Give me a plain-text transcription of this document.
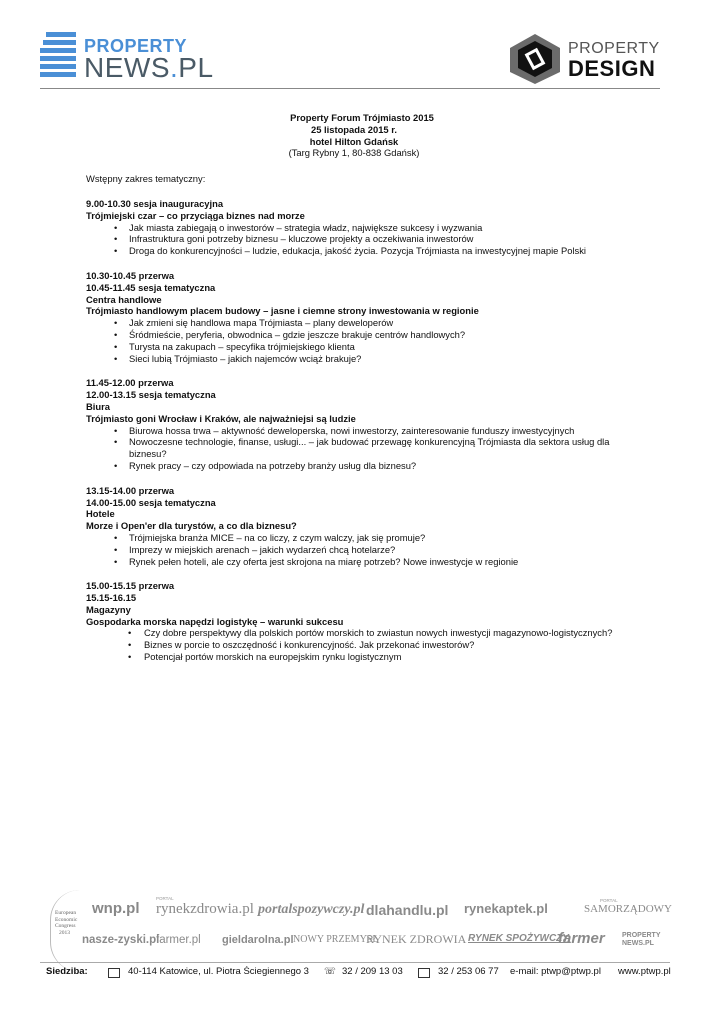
PROPERTY
NEWS.PL
PROPERTY
DESIGN
Property Forum Trójmiasto 2015
25 listopada 2015 r.
hotel Hilton Gdańsk
(Targ Rybny 1, 80-838 Gdańsk)
Wstępny zakres tematyczny:
9.00-10.30 sesja inauguracyjna
Trójmiejski czar – co przyciąga biznes nad morze
• Jak miasta zabiegają o inwestorów – strategia władz, największe sukcesy i wyzwania
• Infrastruktura goni potrzeby biznesu – kluczowe projekty a oczekiwania inwestorów
• Droga do konkurencyjności – ludzie, edukacja, jakość życia. Pozycja Trójmiasta na inwestycyjnej mapie Polski
10.30-10.45 przerwa
10.45-11.45 sesja tematyczna
Centra handlowe
Trójmiasto handlowym placem budowy – jasne i ciemne strony inwestowania w regionie
• Jak zmieni się handlowa mapa Trójmiasta – plany deweloperów
• Śródmieście, peryferia, obwodnica – gdzie jeszcze brakuje centrów handlowych?
• Turysta na zakupach – specyfika trójmiejskiego klienta
• Sieci lubią Trójmiasto – jakich najemców wciąż brakuje?
11.45-12.00 przerwa
12.00-13.15 sesja tematyczna
Biura
Trójmiasto goni Wrocław i Kraków, ale najważniejsi są ludzie
• Biurowa hossa trwa – aktywność deweloperska, nowi inwestorzy, zainteresowanie funduszy inwestycyjnych
• Nowoczesne technologie, finanse, usługi... – jak budować przewagę konkurencyjną Trójmiasta dla sektora usług dla biznesu?
• Rynek pracy – czy odpowiada na potrzeby branży usług dla biznesu?
13.15-14.00 przerwa
14.00-15.00 sesja tematyczna
Hotele
Morze i Open'er dla turystów, a co dla biznesu?
• Trójmiejska branża MICE – na co liczy, z czym walczy, jak się promuje?
• Imprezy w miejskich arenach – jakich wydarzeń chcą hotelarze?
• Rynek pełen hoteli, ale czy oferta jest skrojona na miarę potrzeb? Nowe inwestycje w regionie
15.00-15.15 przerwa
15.15-16.15
Magazyny
Gospodarka morska napędzi logistykę – warunki sukcesu
• Czy dobre perspektywy dla polskich portów morskich to zwiastun nowych inwestycji magazynowo-logistycznych?
• Biznes w porcie to oszczędność i konkurencyjność. Jak przekonać inwestorów?
• Potencjał portów morskich na europejskim rynku logistycznym
European
Economic
Congress
2013
wnp.pl
PORTAL
rynekzdrowia.pl portalspozywczy.pl dlahandlu.pl rynekaptek.pl
PORTAL
SAMORZĄDOWY
nasze-zyski.pl
farmer.pl gieldarolna.pl NOWY PRZEMYSŁ
RYNEK ZDROWIA RYNEK SPOŻYWCZY
farmer PROPERTY NEWS.PL
Siedziba:	40-114 Katowice, ul. Piotra Ściegiennego 3 ☏ 32 / 209 13 03	32 / 253 06 77 e-mail: ptwp@ptwp.pl www.ptwp.pl
